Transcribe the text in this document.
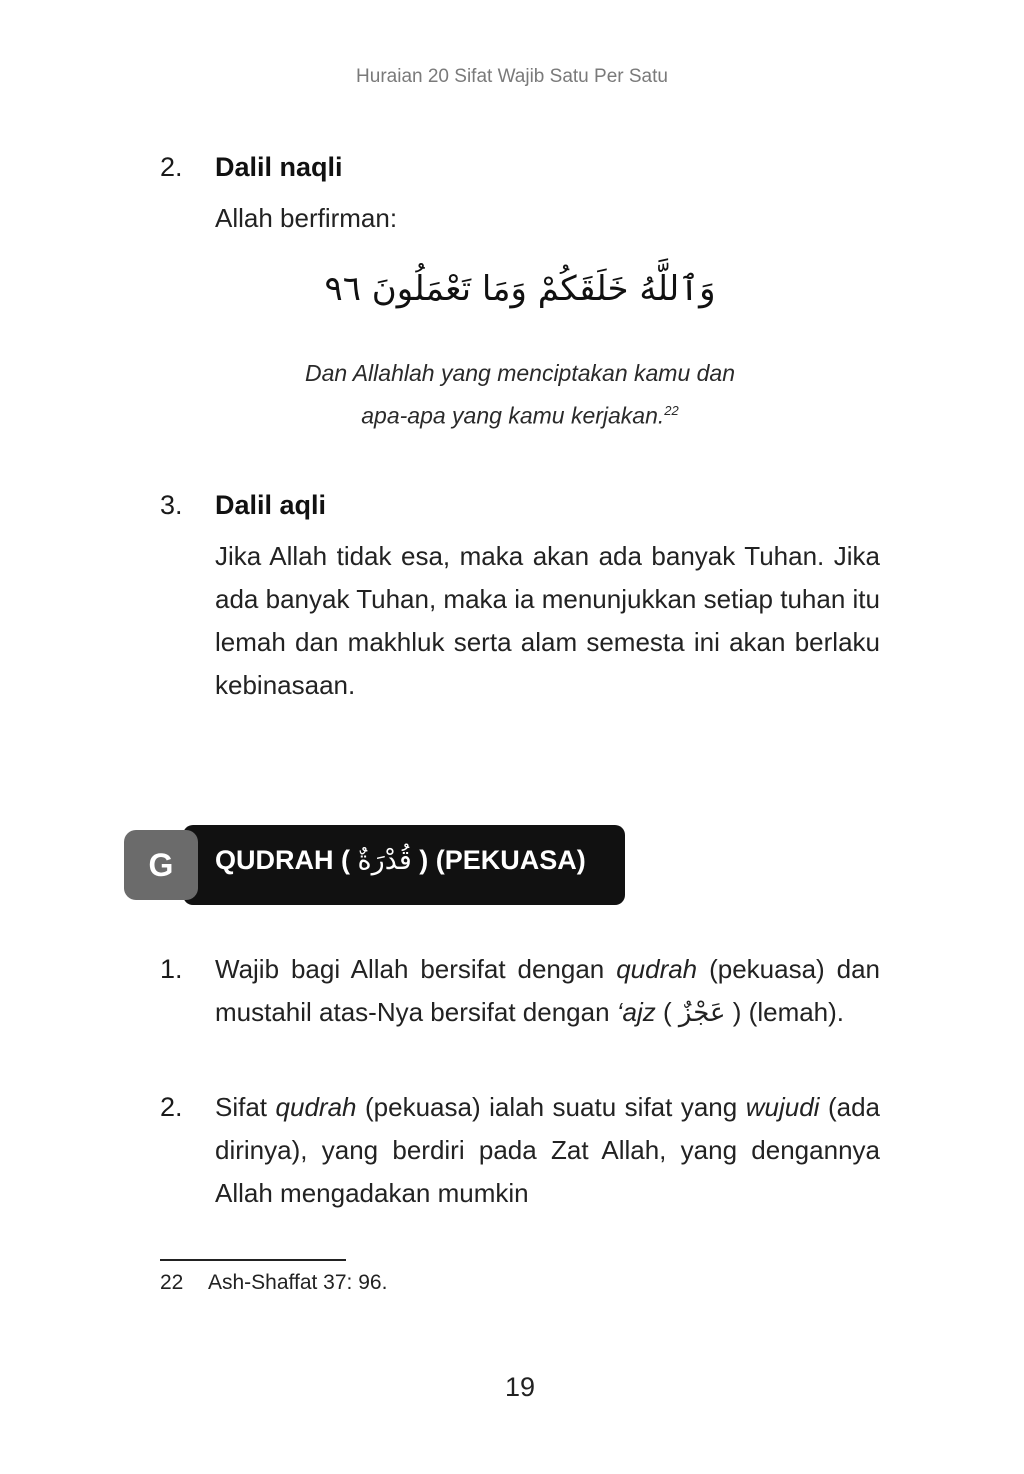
Huraian 20 Sifat Wajib Satu Per Satu
2.	Dalil naqli
Allah berfirman:
وَٱللَّهُ خَلَقَكُمْ وَمَا تَعْمَلُونَ ٩٦
Dan Allahlah yang menciptakan kamu dan
apa-apa yang kamu kerjakan.$^{22}$
3.	Dalil aqli
Jika Allah tidak esa, maka akan ada banyak Tuhan. Jika ada banyak Tuhan, maka ia menunjukkan setiap tuhan itu lemah dan makhluk serta alam semesta ini akan berlaku kebinasaan.
G	QUDRAH ( قُدْرَةٌ ) (PEKUASA)
1.	Wajib bagi Allah bersifat dengan qudrah (pekuasa) dan mustahil atas-Nya bersifat dengan ‘ajz ( عَجْزٌ ) (lemah).
2.	Sifat qudrah (pekuasa) ialah suatu sifat yang wujudi (ada dirinya), yang berdiri pada Zat Allah, yang dengannya Allah mengadakan mumkin
22 Ash-Shaffat 37: 96.
19
